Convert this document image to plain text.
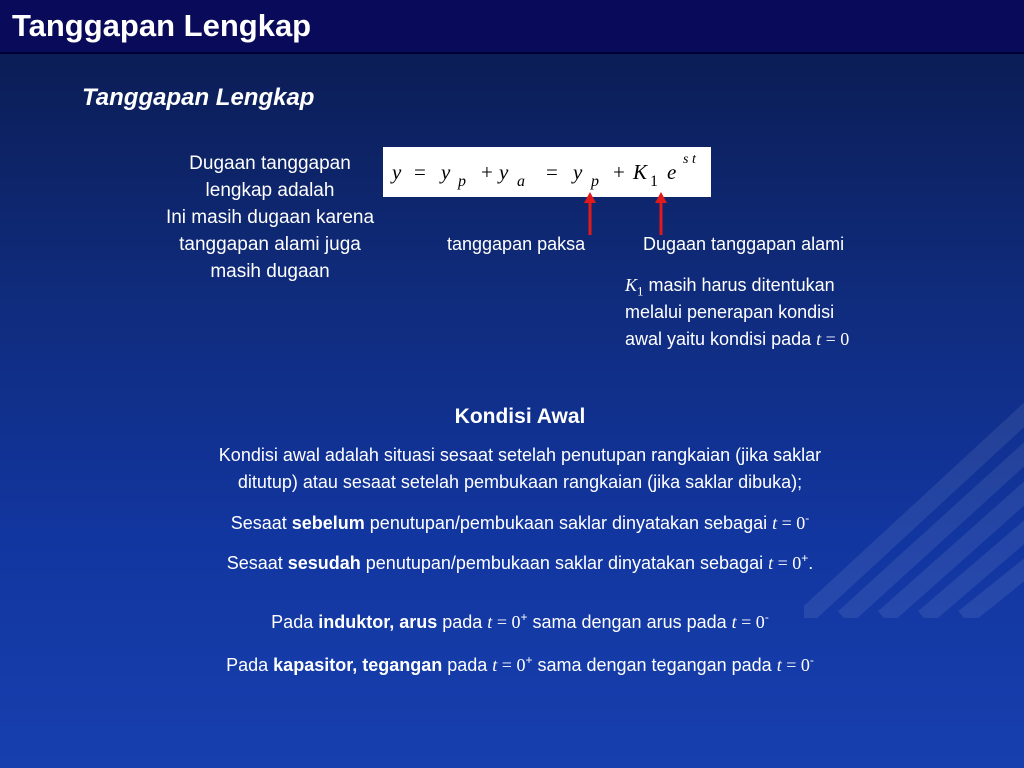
Tanggapan Lengkap
Tanggapan Lengkap
Dugaan tanggapan
lengkap adalah
Ini masih dugaan karena
tanggapan alami juga
masih dugaan
y = y p + y a = y p + K 1 e
s t
tanggapan paksa	Dugaan tanggapan alami
$K_1$ masih harus ditentukan
melalui penerapan kondisi
awal yaitu kondisi pada t = 0
Kondisi Awal
Kondisi awal adalah situasi sesaat setelah penutupan rangkaian (jika saklar
ditutup) atau sesaat setelah pembukaan rangkaian (jika saklar dibuka);
Sesaat sebelum penutupan/pembukaan saklar dinyatakan sebagai t = 0-
Sesaat sesudah penutupan/pembukaan saklar dinyatakan sebagai t = 0+.
Pada induktor, arus pada t = 0+ sama dengan arus pada t = 0-
Pada kapasitor, tegangan pada t = 0+ sama dengan tegangan pada t = 0-
